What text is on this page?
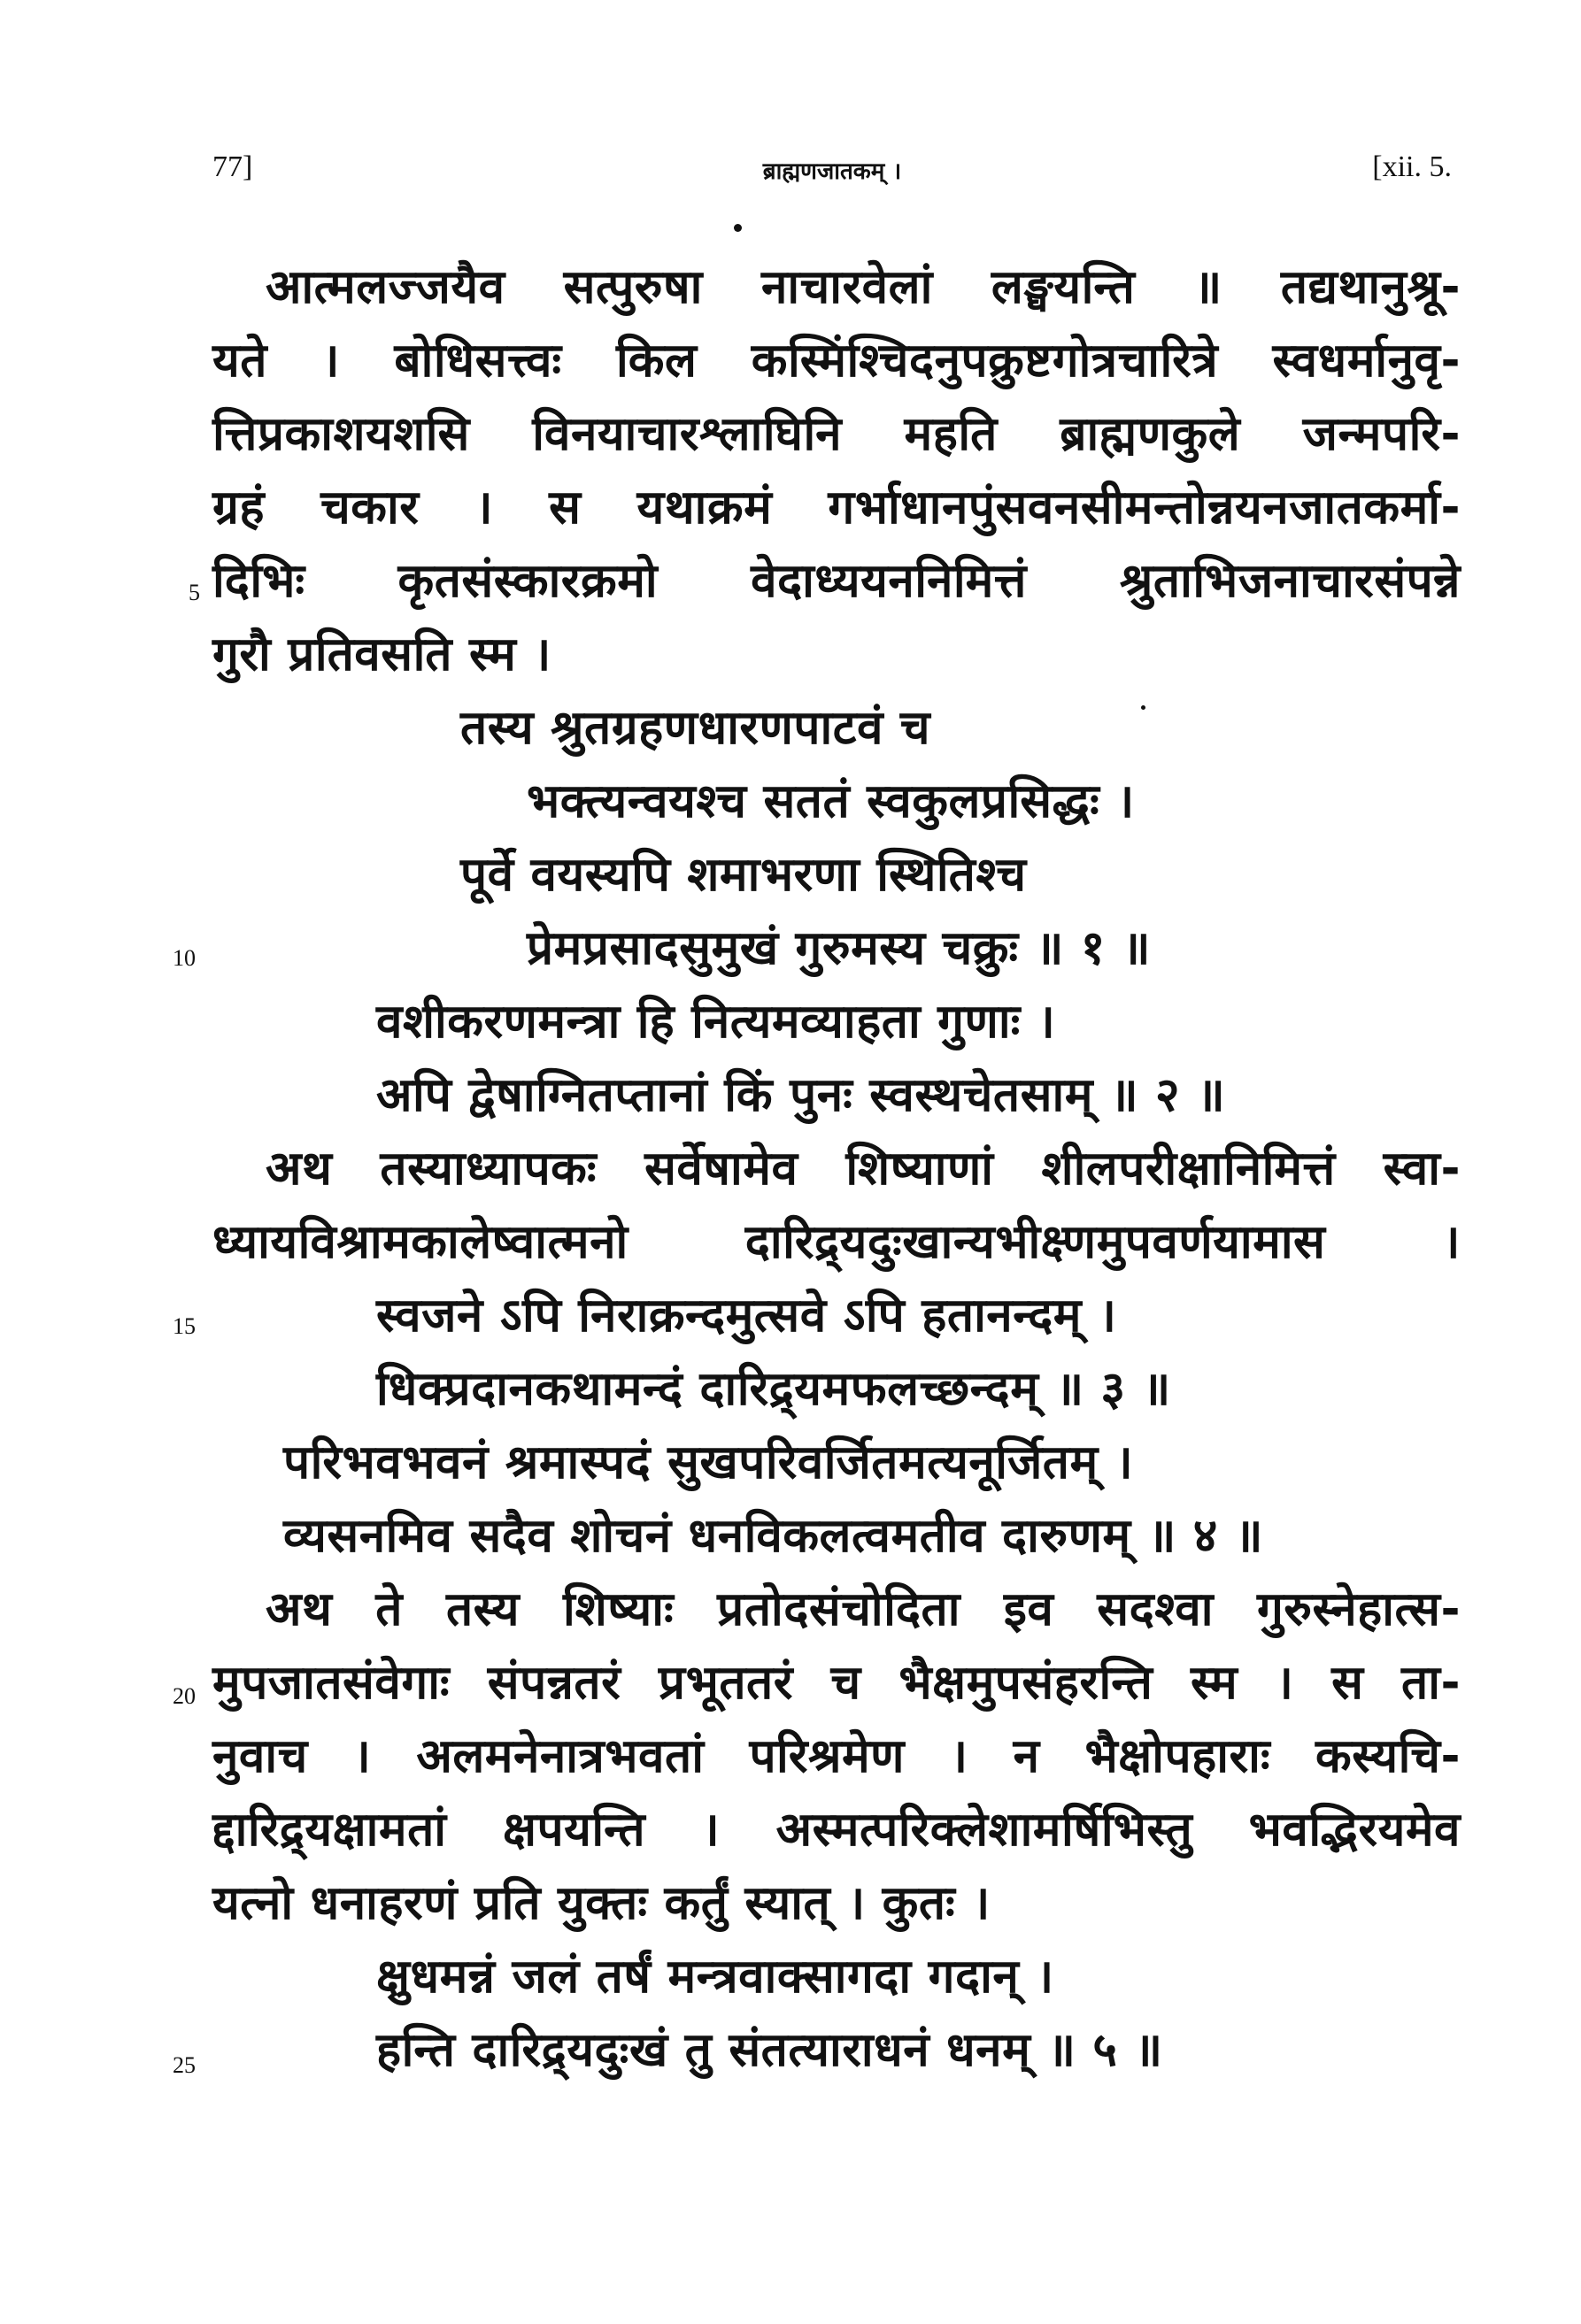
77]	ब्राह्मणजातकम् ।	[xii. 5.
5
10
15
20
25
आत्मलज्जयैव सत्पुरुषा नाचारवेलां लङ्घयन्ति ॥ तद्यथानुश्रू-
यते । बोधिसत्त्वः किल कस्मिंश्चिदनुपक्रुष्टगोत्रचारित्रे स्वधर्मानुवृ-
त्तिप्रकाशयशसि विनयाचारश्लाघिनि महति ब्राह्मणकुले जन्मपरि-
ग्रहं चकार । स यथाक्रमं गर्भाधानपुंसवनसीमन्तोन्नयनजातकर्मा-
दिभिः कृतसंस्कारक्रमो वेदाध्ययननिमित्तं श्रुताभिजनाचारसंपन्ने
गुरौ प्रतिवसति स्म ।
तस्य श्रुतग्रहणधारणपाटवं च
भक्त्यन्वयश्च सततं स्वकुलप्रसिद्धः ।
पूर्वे वयस्यपि शमाभरणा स्थितिश्च
प्रेमप्रसादसुमुखं गुरुमस्य चक्रुः ॥ १ ॥
वशीकरणमन्त्रा हि नित्यमव्याहता गुणाः ।
अपि द्वेषाग्नितप्तानां किं पुनः स्वस्थचेतसाम् ॥ २ ॥
अथ तस्याध्यापकः सर्वेषामेव शिष्याणां शीलपरीक्षानिमित्तं स्वा-
ध्यायविश्रामकालेष्वात्मनो दारिद्र्यदुःखान्यभीक्ष्णमुपवर्णयामास ।
स्वजने ऽपि निराक्रन्दमुत्सवे ऽपि हतानन्दम् ।
धिक्प्रदानकथामन्दं दारिद्र्यमफलच्छन्दम् ॥ ३ ॥
परिभवभवनं श्रमास्पदं सुखपरिवर्जितमत्यनूर्जितम् ।
व्यसनमिव सदैव शोचनं धनविकलत्वमतीव दारुणम् ॥ ४ ॥
अथ ते तस्य शिष्याः प्रतोदसंचोदिता इव सदश्वा गुरुस्नेहात्स-
मुपजातसंवेगाः संपन्नतरं प्रभूततरं च भैक्षमुपसंहरन्ति स्म । स ता-
नुवाच । अलमनेनात्रभवतां परिश्रमेण । न भैक्षोपहाराः कस्यचि-
द्दारिद्र्यक्षामतां क्षपयन्ति । अस्मत्परिक्लेशामर्षिभिस्तु भवद्भिरयमेव
यत्नो धनाहरणं प्रति युक्तः कर्तुं स्यात् । कुतः ।
क्षुधमन्नं जलं तर्षं मन्त्रवाक्सागदा गदान् ।
हन्ति दारिद्र्यदुःखं तु संतत्याराधनं धनम् ॥ ५ ॥
